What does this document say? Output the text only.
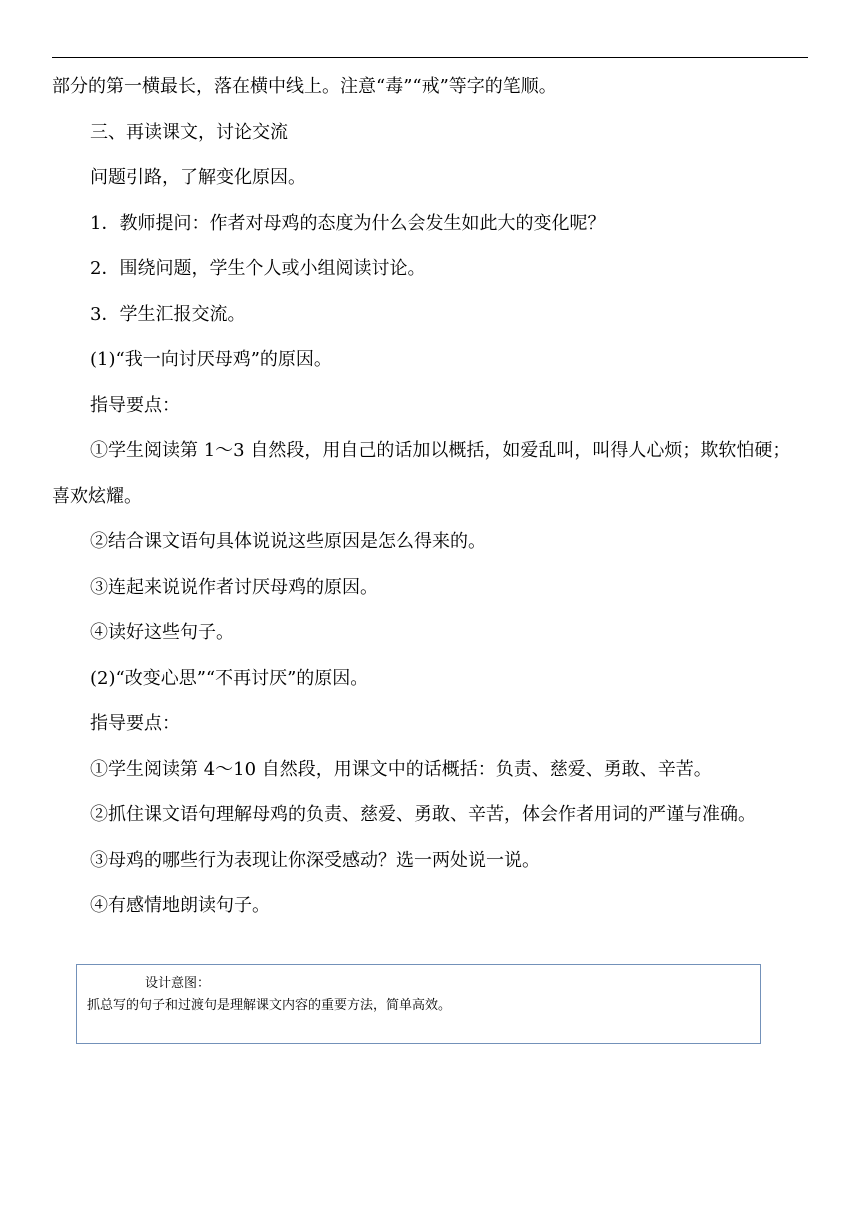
部分的第一横最长，落在横中线上。注意“毒”“戒”等字的笔顺。

三、再读课文，讨论交流

问题引路，了解变化原因。

1．教师提问：作者对母鸡的态度为什么会发生如此大的变化呢？

2．围绕问题，学生个人或小组阅读讨论。

3．学生汇报交流。

(1)“我一向讨厌母鸡”的原因。

指导要点：

①学生阅读第 1～3 自然段，用自己的话加以概括，如爱乱叫，叫得人心烦；欺软怕硬；喜欢炫耀。

②结合课文语句具体说说这些原因是怎么得来的。

③连起来说说作者讨厌母鸡的原因。

④读好这些句子。

(2)“改变心思”“不再讨厌”的原因。

指导要点：

①学生阅读第 4～10 自然段，用课文中的话概括：负责、慈爱、勇敢、辛苦。

②抓住课文语句理解母鸡的负责、慈爱、勇敢、辛苦，体会作者用词的严谨与准确。

③母鸡的哪些行为表现让你深受感动？选一两处说一说。

④有感情地朗读句子。

设计意图：

抓总写的句子和过渡句是理解课文内容的重要方法，简单高效。
